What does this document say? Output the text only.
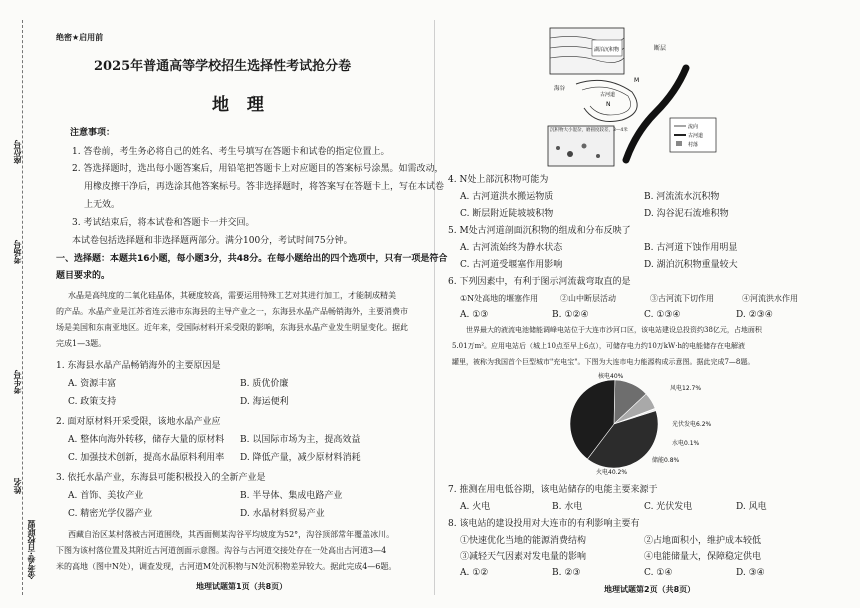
座位号
考场号
考生号
姓名
金考卷·百校联盟
绝密★启用前
2025年普通高等学校招生选择性考试抢分卷
地 理
注意事项：
1. 答卷前，考生务必将自己的姓名、考生号填写在答题卡和试卷的指定位置上。
2. 答选择题时，选出每小题答案后，用铅笔把答题卡上对应题目的答案标号涂黑。如需改动，
用橡皮擦干净后，再选涂其他答案标号。答非选择题时，将答案写在答题卡上，写在本试卷
上无效。
3. 考试结束后，将本试卷和答题卡一并交回。
本试卷包括选择题和非选择题两部分。满分100分，考试时间75分钟。
一、选择题：本题共16小题，每小题3分，共48分。在每小题给出的四个选项中，只有一项是符合
题目要求的。
水晶是高纯度的二氧化硅晶体，其硬度较高，需要运用特殊工艺对其进行加工，才能制成精美
的产品。水晶产业是江苏省连云港市东海县的主导产业之一，东海县水晶产品畅销海外，主要消费市
场是美国和东南亚地区。近年来，受国际材料开采受限的影响，东海县水晶产业发生明显变化。据此
完成1—3题。
1. 东海县水晶产品畅销海外的主要原因是
A. 资源丰富	B. 质优价廉
C. 政策支持	D. 海运便利
2. 面对原材料开采受限，该地水晶产业应
A. 整体向海外转移，储存大量的原材料 B. 以国际市场为主，提高效益
C. 加强技术创新，提高水晶原料利用率 D. 降低产量，减少原材料消耗
3. 依托水晶产业，东海县可能积极投入的全新产业是
A. 首饰、美妆产业	B. 半导体、集成电路产业
C. 精密光学仪器产业	D. 水晶材料贸易产业
西藏自治区某村落被古河道围绕，其西面侧某沟谷平均坡度为52°，沟谷顶部常年覆盖冰川。
下图为该村落位置及其附近古河道剖面示意图。沟谷与古河道交接处存在一处高出古河道3—4
米的高地（图中N处），调查发现，古河道M处沉积物与N处沉积物差异较大。据此完成4—6题。
地理试题第1页（共8页）
湖泊沉积物	断层
M
N
海谷
古河道
沉积物大小混杂，磨圆度较差，3—4米
流向
古河道
村落
4. N处上部沉积物可能为
A. 古河道洪水搬运物质	B. 河流流水沉积物
C. 断层附近陡坡坡积物	D. 沟谷泥石流堆积物
5. M处古河道剖面沉积物的组成和分布反映了
A. 古河流始终为静水状态	B. 古河道下蚀作用明显
C. 古河道受堰塞作用影响	D. 湖泊沉积物重量较大
6. 下列因素中，有利于图示河流裁弯取直的是
①N处高地的堰塞作用	②山中断层活动	③古河流下切作用	④河流洪水作用
A. ①③	B. ①②④	C. ①③④	D. ②③④
世界最大的液流电池储能调峰电站位于大连市沙河口区，该电站建设总投资约38亿元，占地面积
5.01万m²。应用电站后（城上10点至早上6点），可储存电力约10万kW·h的电能储存在电解液
罐里，被称为我国首个巨型城市"充电宝"。下图为大连市电力能源构成示意图。据此完成7—8题。
核电40%
风电12.7%
光伏发电6.2%
水电0.1%
储能0.8%
火电40.2%
7. 推测在用电低谷期，该电站储存的电能主要来源于
A. 火电	B. 水电	C. 光伏发电	D. 风电
8. 该电站的建设投用对大连市的有利影响主要有
①快速优化当地的能源消费结构	②占地面积小，维护成本较低
③减轻天气因素对发电量的影响	④电能储量大，保障稳定供电
A. ①②	B. ②③	C. ①④	D. ③④
地理试题第2页（共8页）
